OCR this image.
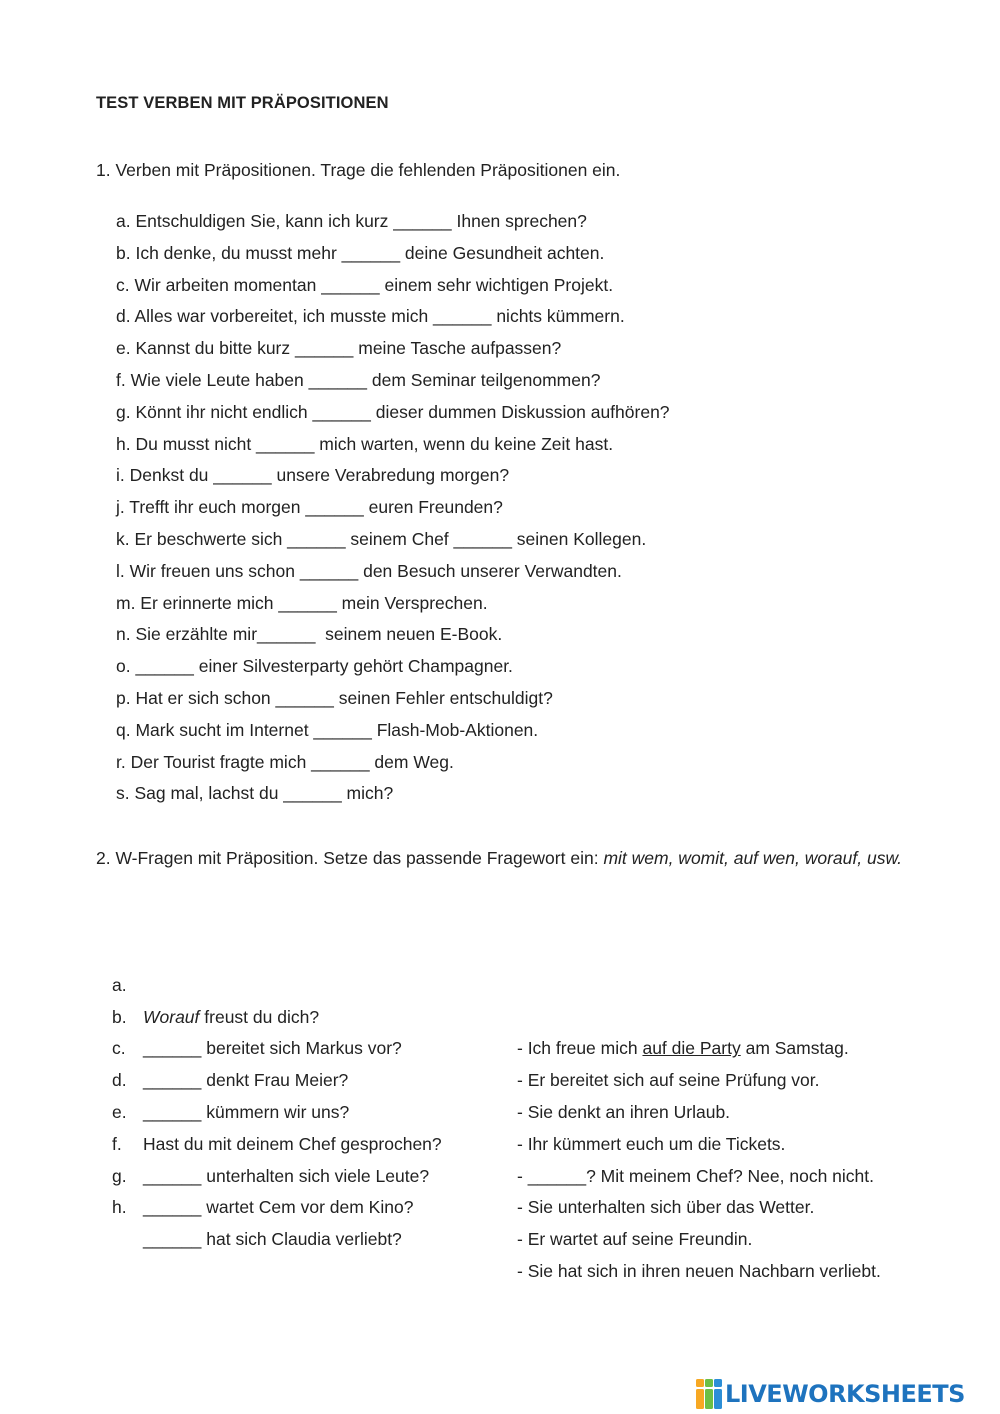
TEST VERBEN MIT PRÄPOSITIONEN
1. Verben mit Präpositionen. Trage die fehlenden Präpositionen ein.
a. Entschuldigen Sie, kann ich kurz ______ Ihnen sprechen?
b. Ich denke, du musst mehr ______ deine Gesundheit achten.
c. Wir arbeiten momentan ______ einem sehr wichtigen Projekt.
d. Alles war vorbereitet, ich musste mich ______ nichts kümmern.
e. Kannst du bitte kurz ______ meine Tasche aufpassen?
f. Wie viele Leute haben ______ dem Seminar teilgenommen?
g. Könnt ihr nicht endlich ______ dieser dummen Diskussion aufhören?
h. Du musst nicht ______ mich warten, wenn du keine Zeit hast.
i. Denkst du ______ unsere Verabredung morgen?
j. Trefft ihr euch morgen ______ euren Freunden?
k. Er beschwerte sich ______ seinem Chef ______ seinen Kollegen.
l. Wir freuen uns schon ______ den Besuch unserer Verwandten.
m. Er erinnerte mich ______ mein Versprechen.
n. Sie erzählte mir______  seinem neuen E-Book.
o. ______ einer Silvesterparty gehört Champagner.
p. Hat er sich schon ______ seinen Fehler entschuldigt?
q. Mark sucht im Internet ______ Flash-Mob-Aktionen.
r. Der Tourist fragte mich ______ dem Weg.
s. Sag mal, lachst du ______ mich?
2. W-Fragen mit Präposition. Setze das passende Fragewort ein: mit wem, womit, auf wen, worauf, usw.

a.

Worauf freust du dich?

- Ich freue mich auf die Party am Samstag.

b.

______ bereitet sich Markus vor?

- Er bereitet sich auf seine Prüfung vor.

c.

______ denkt Frau Meier?

- Sie denkt an ihren Urlaub.

d.

______ kümmern wir uns?

- Ihr kümmert euch um die Tickets.

e.

Hast du mit deinem Chef gesprochen?

- ______? Mit meinem Chef? Nee, noch nicht.

f.

______ unterhalten sich viele Leute?

- Sie unterhalten sich über das Wetter.

g.

______ wartet Cem vor dem Kino?

- Er wartet auf seine Freundin.

h.

______ hat sich Claudia verliebt?

- Sie hat sich in ihren neuen Nachbarn verliebt.

LIVEWORKSHEETS
